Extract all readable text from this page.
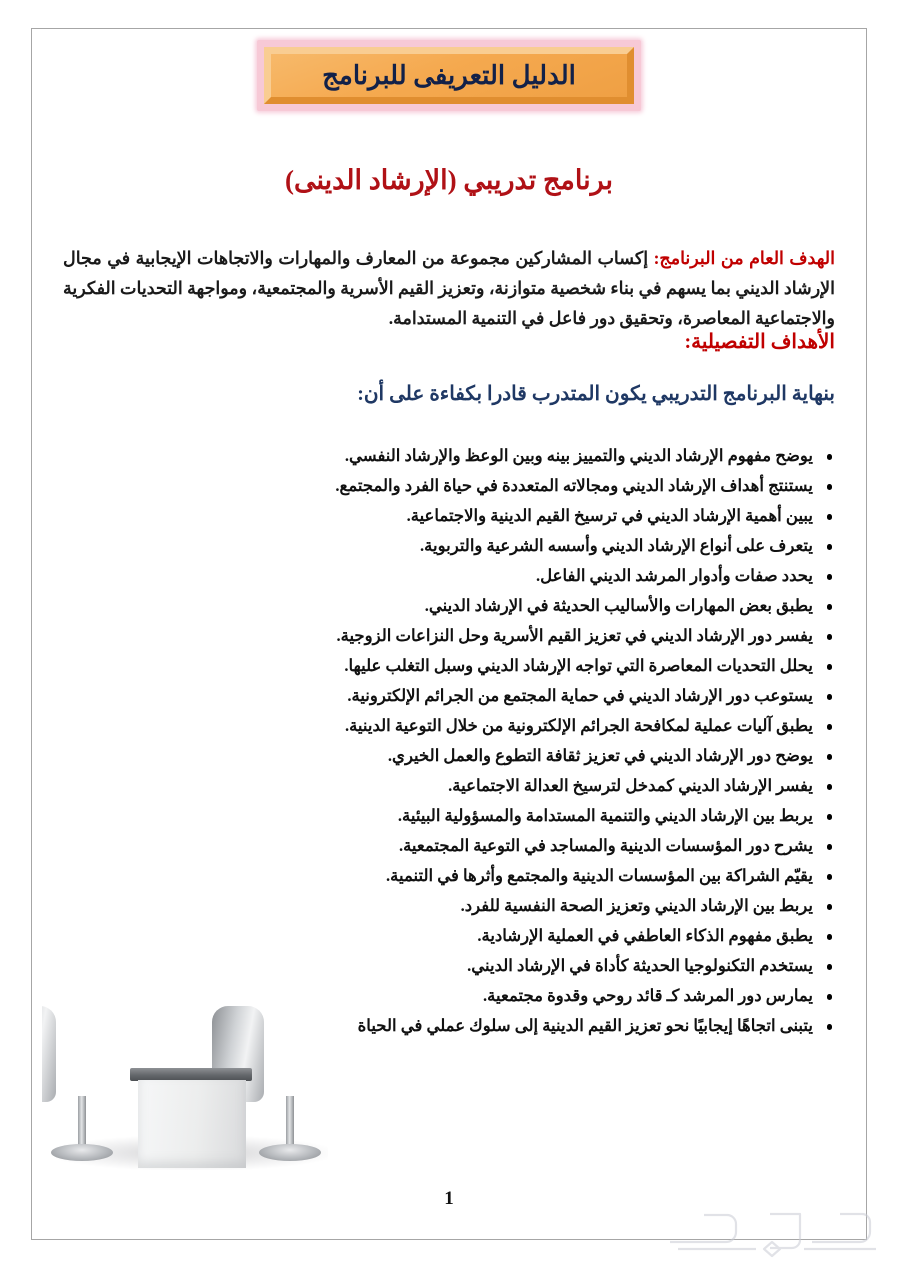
الدليل التعريفى للبرنامج
برنامج تدريبي (الإرشاد الدينى)

الهدف العام من البرنامج: إكساب المشاركين مجموعة من المعارف والمهارات والاتجاهات الإيجابية في مجال الإرشاد الديني بما يسهم في بناء شخصية متوازنة، وتعزيز القيم الأسرية والمجتمعية، ومواجهة التحديات الفكرية والاجتماعية المعاصرة، وتحقيق دور فاعل في التنمية المستدامة.

الأهداف التفصيلية:
بنهاية البرنامج التدريبي يكون المتدرب قادرا بكفاءة على أن:
يوضح مفهوم الإرشاد الديني والتمييز بينه وبين الوعظ والإرشاد النفسي.
يستنتج أهداف الإرشاد الديني ومجالاته المتعددة في حياة الفرد والمجتمع.
يبين أهمية الإرشاد الديني في ترسيخ القيم الدينية والاجتماعية.
يتعرف على أنواع الإرشاد الديني وأسسه الشرعية والتربوية.
يحدد صفات وأدوار المرشد الديني الفاعل.
يطبق بعض المهارات والأساليب الحديثة في الإرشاد الديني.
يفسر دور الإرشاد الديني في تعزيز القيم الأسرية وحل النزاعات الزوجية.
يحلل التحديات المعاصرة التي تواجه الإرشاد الديني وسبل التغلب عليها.
يستوعب دور الإرشاد الديني في حماية المجتمع من الجرائم الإلكترونية.
يطبق آليات عملية لمكافحة الجرائم الإلكترونية من خلال التوعية الدينية.
يوضح دور الإرشاد الديني في تعزيز ثقافة التطوع والعمل الخيري.
يفسر الإرشاد الديني كمدخل لترسيخ العدالة الاجتماعية.
يربط بين الإرشاد الديني والتنمية المستدامة والمسؤولية البيئية.
يشرح دور المؤسسات الدينية والمساجد في التوعية المجتمعية.
يقيّم الشراكة بين المؤسسات الدينية والمجتمع وأثرها في التنمية.
يربط بين الإرشاد الديني وتعزيز الصحة النفسية للفرد.
يطبق مفهوم الذكاء العاطفي في العملية الإرشادية.
يستخدم التكنولوجيا الحديثة كأداة في الإرشاد الديني.
يمارس دور المرشد كـ قائد روحي وقدوة مجتمعية.
يتبنى اتجاهًا إيجابيًا نحو تعزيز القيم الدينية إلى سلوك عملي في الحياة
1
